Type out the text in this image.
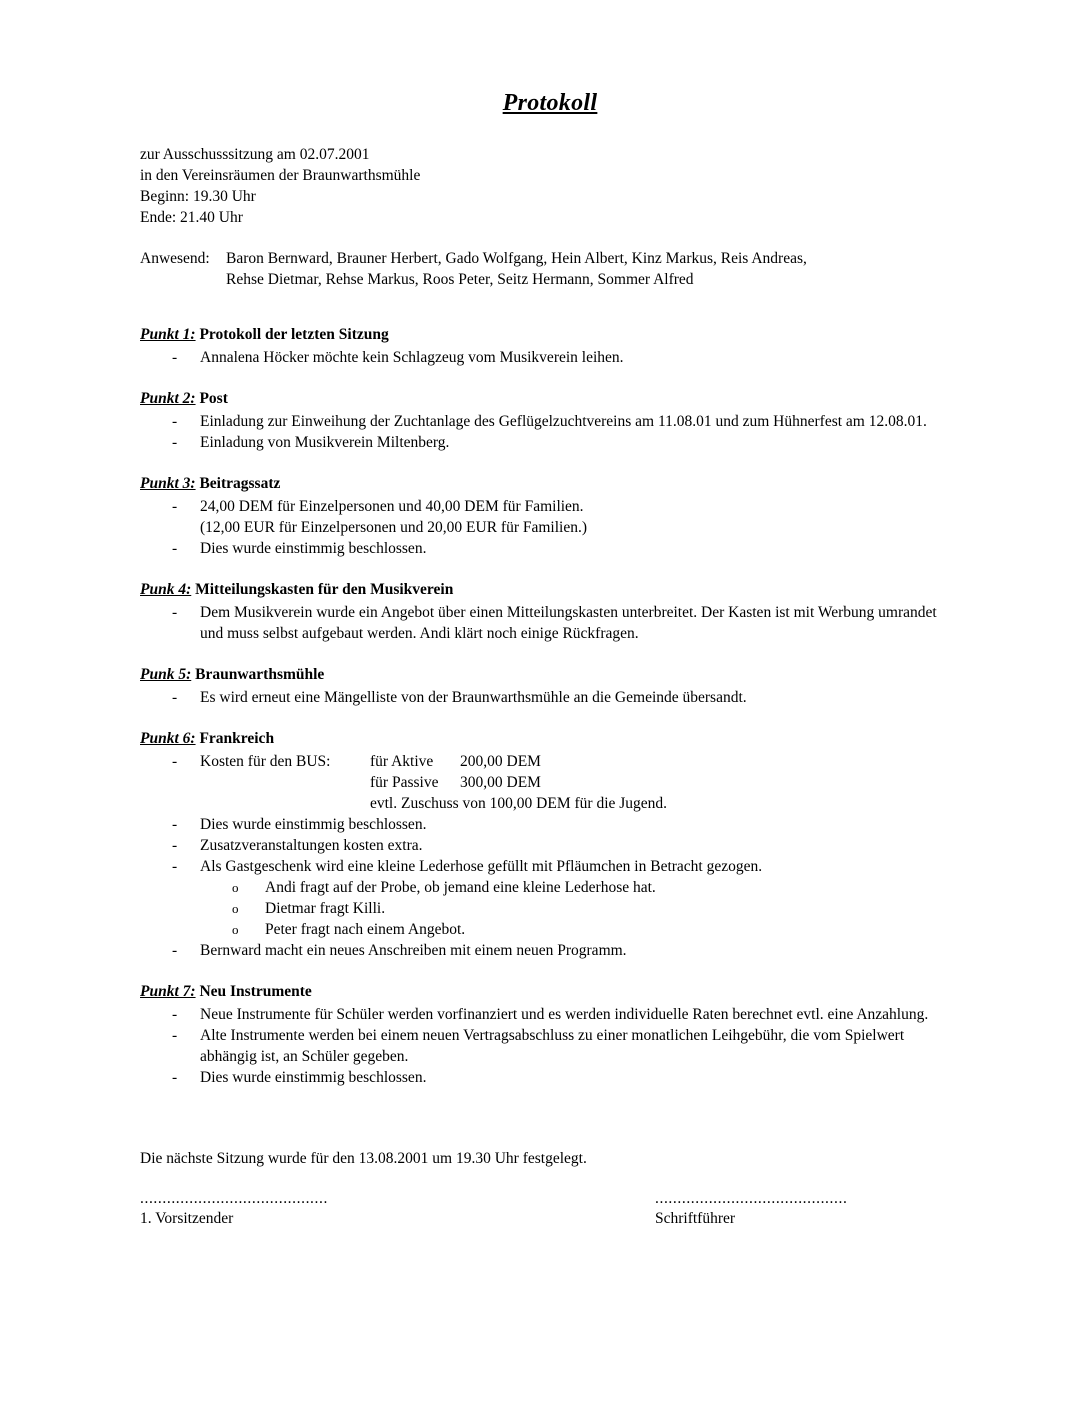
Protokoll
zur Ausschusssitzung am 02.07.2001
in den Vereinsräumen der Braunwarthsmühle
Beginn: 19.30 Uhr
Ende: 21.40 Uhr
Anwesend:	Baron Bernward, Brauner Herbert, Gado Wolfgang, Hein Albert, Kinz Markus, Reis Andreas,
Rehse Dietmar, Rehse Markus, Roos Peter, Seitz Hermann, Sommer Alfred
Punkt 1: Protokoll der letzten Sitzung
-	Annalena Höcker möchte kein Schlagzeug vom Musikverein leihen.
Punkt 2: Post
-	Einladung zur Einweihung der Zuchtanlage des Geflügelzuchtvereins am 11.08.01 und zum Hühnerfest am 12.08.01.
-	Einladung von Musikverein Miltenberg.
Punkt 3: Beitragssatz
-	24,00 DEM für Einzelpersonen und 40,00 DEM für Familien.
(12,00 EUR für Einzelpersonen und 20,00 EUR für Familien.)
-	Dies wurde einstimmig beschlossen.
Punk 4: Mitteilungskasten für den Musikverein
-	Dem Musikverein wurde ein Angebot über einen Mitteilungskasten unterbreitet. Der Kasten ist mit Werbung umrandet und muss selbst aufgebaut werden. Andi klärt noch einige Rückfragen.
Punk 5: Braunwarthsmühle
-	Es wird erneut eine Mängelliste von der Braunwarthsmühle an die Gemeinde übersandt.
Punkt 6: Frankreich
-	Kosten für den BUS:	für Aktive	200,00 DEM
für Passive	300,00 DEM
evtl. Zuschuss von 100,00 DEM für die Jugend.
-	Dies wurde einstimmig beschlossen.
-	Zusatzveranstaltungen kosten extra.
-	Als Gastgeschenk wird eine kleine Lederhose gefüllt mit Pfläumchen in Betracht gezogen.
o Andi fragt auf der Probe, ob jemand eine kleine Lederhose hat.
o Dietmar fragt Killi.
o Peter fragt nach einem Angebot.
-	Bernward macht ein neues Anschreiben mit einem neuen Programm.
Punkt 7: Neu Instrumente
-	Neue Instrumente für Schüler werden vorfinanziert und es werden individuelle Raten berechnet evtl. eine Anzahlung.
-	Alte Instrumente werden bei einem neuen Vertragsabschluss zu einer monatlichen Leihgebühr, die vom Spielwert abhängig ist, an Schüler gegeben.
-	Dies wurde einstimmig beschlossen.
Die nächste Sitzung wurde für den 13.08.2001 um 19.30 Uhr festgelegt.
..........................................
1. Vorsitzender
...........................................
Schriftführer
